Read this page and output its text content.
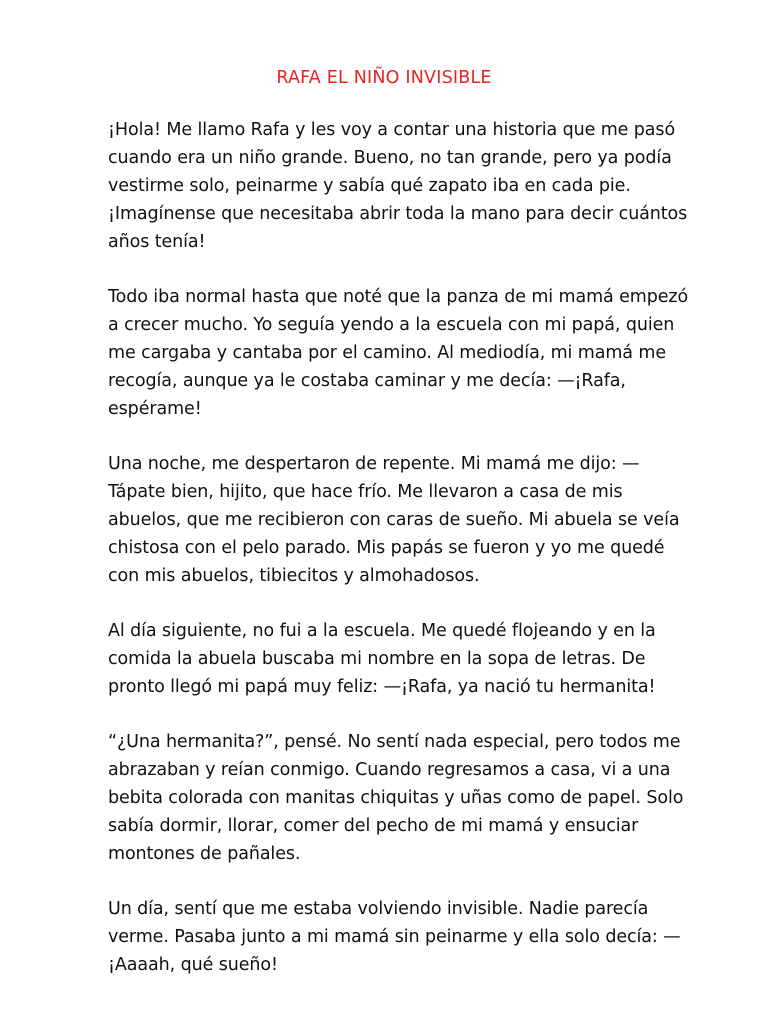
RAFA EL NIÑO INVISIBLE

¡Hola! Me llamo Rafa y les voy a contar una historia que me pasó
cuando era un niño grande. Bueno, no tan grande, pero ya podía
vestirme solo, peinarme y sabía qué zapato iba en cada pie.
¡Imagínense que necesitaba abrir toda la mano para decir cuántos
años tenía!

Todo iba normal hasta que noté que la panza de mi mamá empezó
a crecer mucho. Yo seguía yendo a la escuela con mi papá, quien
me cargaba y cantaba por el camino. Al mediodía, mi mamá me
recogía, aunque ya le costaba caminar y me decía: —¡Rafa,
espérame!

Una noche, me despertaron de repente. Mi mamá me dijo: —
Tápate bien, hijito, que hace frío. Me llevaron a casa de mis
abuelos, que me recibieron con caras de sueño. Mi abuela se veía
chistosa con el pelo parado. Mis papás se fueron y yo me quedé
con mis abuelos, tibiecitos y almohadosos.

Al día siguiente, no fui a la escuela. Me quedé flojeando y en la
comida la abuela buscaba mi nombre en la sopa de letras. De
pronto llegó mi papá muy feliz: —¡Rafa, ya nació tu hermanita!

“¿Una hermanita?”, pensé. No sentí nada especial, pero todos me
abrazaban y reían conmigo. Cuando regresamos a casa, vi a una
bebita colorada con manitas chiquitas y uñas como de papel. Solo
sabía dormir, llorar, comer del pecho de mi mamá y ensuciar
montones de pañales.

Un día, sentí que me estaba volviendo invisible. Nadie parecía
verme. Pasaba junto a mi mamá sin peinarme y ella solo decía: —
¡Aaaah, qué sueño!
